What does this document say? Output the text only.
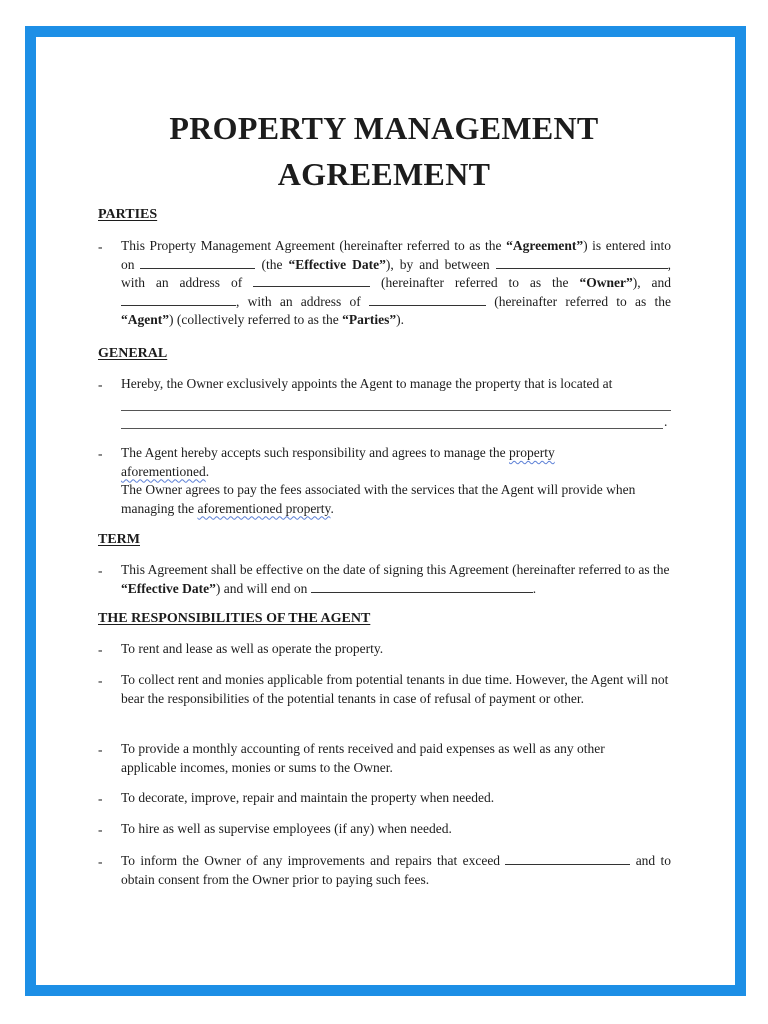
PROPERTY MANAGEMENT
AGREEMENT
PARTIES
- This Property Management Agreement (hereinafter referred to as the “Agreement”) is entered into on	(the “Effective Date”), by and between	, with an address of	(hereinafter referred to as the “Owner”), and , with an address of	(hereinafter referred to as the “Agent”) (collectively referred to as the “Parties”).
GENERAL
- Hereby, the Owner exclusively appoints the Agent to manage the property that is located at
.
- The Agent hereby accepts such responsibility and agrees to manage the property
aforementioned.
The Owner agrees to pay the fees associated with the services that the Agent will provide when managing the aforementioned property.
TERM
- This Agreement shall be effective on the date of signing this Agreement (hereinafter referred to as the “Effective Date”) and will end on	.
THE RESPONSIBILITIES OF THE AGENT
- To rent and lease as well as operate the property.
- To collect rent and monies applicable from potential tenants in due time. However, the Agent will not bear the responsibilities of the potential tenants in case of refusal of payment or other.
- To provide a monthly accounting of rents received and paid expenses as well as any other applicable incomes, monies or sums to the Owner.
- To decorate, improve, repair and maintain the property when needed.
- To hire as well as supervise employees (if any) when needed.
- To inform the Owner of any improvements and repairs that exceed	and to obtain consent from the Owner prior to paying such fees.
